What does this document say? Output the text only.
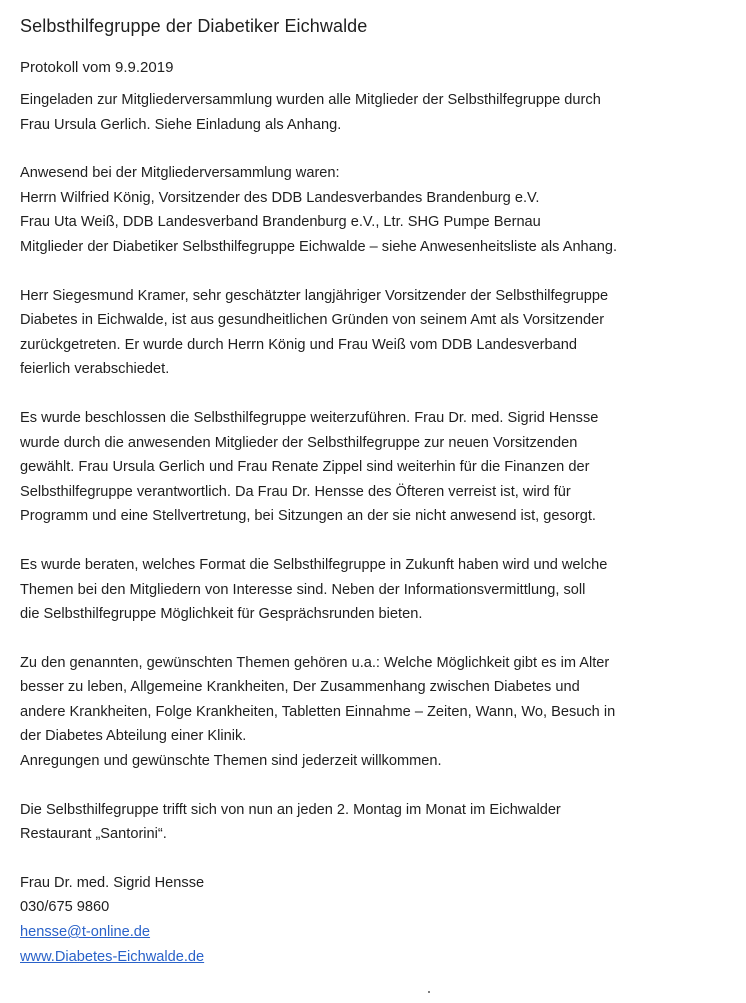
Selbsthilfegruppe der Diabetiker Eichwalde
Protokoll vom 9.9.2019
Eingeladen zur Mitgliederversammlung wurden alle Mitglieder der Selbsthilfegruppe durch
Frau Ursula Gerlich. Siehe Einladung als Anhang.
Anwesend bei der Mitgliederversammlung waren:
Herrn Wilfried König, Vorsitzender des DDB Landesverbandes Brandenburg e.V.
Frau Uta Weiß, DDB Landesverband Brandenburg e.V., Ltr. SHG Pumpe Bernau
Mitglieder der Diabetiker Selbsthilfegruppe Eichwalde – siehe Anwesenheitsliste als Anhang.
Herr Siegesmund Kramer, sehr geschätzter langjähriger Vorsitzender der Selbsthilfegruppe
Diabetes in Eichwalde, ist aus gesundheitlichen Gründen von seinem Amt als Vorsitzender
zurückgetreten. Er wurde durch Herrn König und Frau Weiß vom DDB Landesverband
feierlich verabschiedet.
Es wurde beschlossen die Selbsthilfegruppe weiterzuführen. Frau Dr. med. Sigrid Hensse
wurde durch die anwesenden Mitglieder der Selbsthilfegruppe zur neuen Vorsitzenden
gewählt. Frau Ursula Gerlich und Frau Renate Zippel sind weiterhin für die Finanzen der
Selbsthilfegruppe verantwortlich. Da Frau Dr. Hensse des Öfteren verreist ist, wird für
Programm und eine Stellvertretung, bei Sitzungen an der sie nicht anwesend ist, gesorgt.
Es wurde beraten, welches Format die Selbsthilfegruppe in Zukunft haben wird und welche
Themen bei den Mitgliedern von Interesse sind. Neben der Informationsvermittlung, soll
die Selbsthilfegruppe Möglichkeit für Gesprächsrunden bieten.
Zu den genannten, gewünschten Themen gehören u.a.: Welche Möglichkeit gibt es im Alter
besser zu leben, Allgemeine Krankheiten, Der Zusammenhang zwischen Diabetes und
andere Krankheiten, Folge Krankheiten, Tabletten Einnahme – Zeiten, Wann, Wo, Besuch in
der Diabetes Abteilung einer Klinik.
Anregungen und gewünschte Themen sind jederzeit willkommen.
Die Selbsthilfegruppe trifft sich von nun an jeden 2. Montag im Monat im Eichwalder
Restaurant „Santorini“.
Frau Dr. med. Sigrid Hensse
030/675 9860
hensse@t-online.de
www.Diabetes-Eichwalde.de
